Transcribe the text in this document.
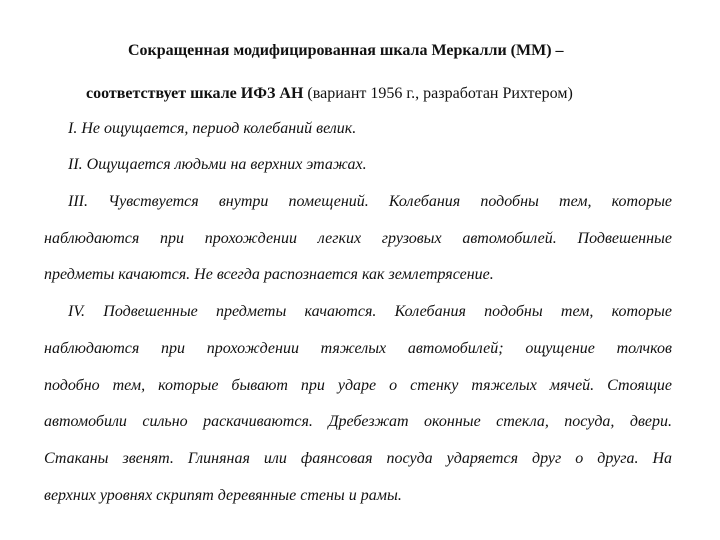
Сокращенная модифицированная шкала Меркалли (ММ) –
соответствует шкале ИФЗ АН (вариант 1956 г., разработан Рихтером)
I. Не ощущается, период колебаний велик.
II. Ощущается людьми на верхних этажах.
III. Чувствуется внутри помещений. Колебания подобны тем, которые
наблюдаются при прохождении легких грузовых автомобилей. Подвешенные
предметы качаются. Не всегда распознается как землетрясение.
IV. Подвешенные предметы качаются. Колебания подобны тем, которые
наблюдаются при прохождении тяжелых автомобилей; ощущение толчков
подобно тем, которые бывают при ударе о стенку тяжелых мячей. Стоящие
автомобили сильно раскачиваются. Дребезжат оконные стекла, посуда, двери.
Стаканы звенят. Глиняная или фаянсовая посуда ударяется друг о друга. На
верхних уровнях скрипят деревянные стены и рамы.
